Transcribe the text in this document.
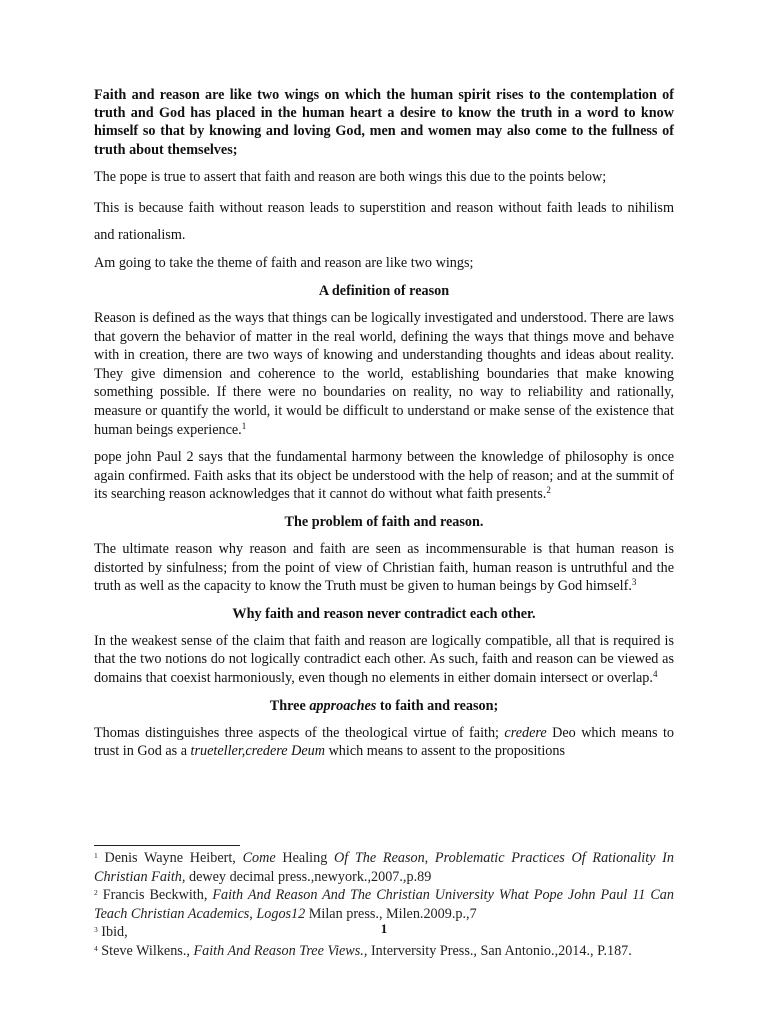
Faith and reason are like two wings on which the human spirit rises to the contemplation of truth and God has placed in the human heart a desire to know the truth in a word to know himself so that by knowing and loving God, men and women may also come to the fullness of truth about themselves;

The pope is true to assert that faith and reason are both wings this due to the points below;

This is because faith without reason leads to superstition and reason without faith leads to nihilism and rationalism.

Am going to take the theme of faith and reason are like two wings;

A definition of reason

Reason is defined as the ways that things can be logically investigated and understood. There are laws that govern the behavior of matter in the real world, defining the ways that things move and behave with in creation, there are two ways of knowing and understanding thoughts and ideas about reality. They give dimension and coherence to the world, establishing boundaries that make knowing something possible. If there were no boundaries on reality, no way to reliability and rationally, measure or quantify the world, it would be difficult to understand or make sense of the existence that human beings experience.$^1$

pope john Paul 2 says that the fundamental harmony between the knowledge of philosophy is once again confirmed. Faith asks that its object be understood with the help of reason; and at the summit of its searching reason acknowledges that it cannot do without what faith presents.$^2$

The problem of faith and reason.

The ultimate reason why reason and faith are seen as incommensurable is that human reason is distorted by sinfulness; from the point of view of Christian faith, human reason is untruthful and the truth as well as the capacity to know the Truth must be given to human beings by God himself.$^3$

Why faith and reason never contradict each other.

In the weakest sense of the claim that faith and reason are logically compatible, all that is required is that the two notions do not logically contradict each other. As such, faith and reason can be viewed as domains that coexist harmoniously, even though no elements in either domain intersect or overlap.$^4$

Three approaches to faith and reason;

Thomas distinguishes three aspects of the theological virtue of faith; credere Deo which means to trust in God as a trueteller,credere Deum which means to assent to the propositions

$^1$ Denis Wayne Heibert, Come Healing Of The Reason, Problematic Practices Of Rationality In Christian Faith, dewey decimal press.,newyork.,2007.,p.89

$^2$ Francis Beckwith, Faith And Reason And The Christian University What Pope John Paul 11 Can Teach Christian Academics, Logos12 Milan press., Milen.2009.p.,7

$^3$ Ibid,

$^4$ Steve Wilkens., Faith And Reason Tree Views., Interversity Press., San Antonio.,2014., P.187.

1
